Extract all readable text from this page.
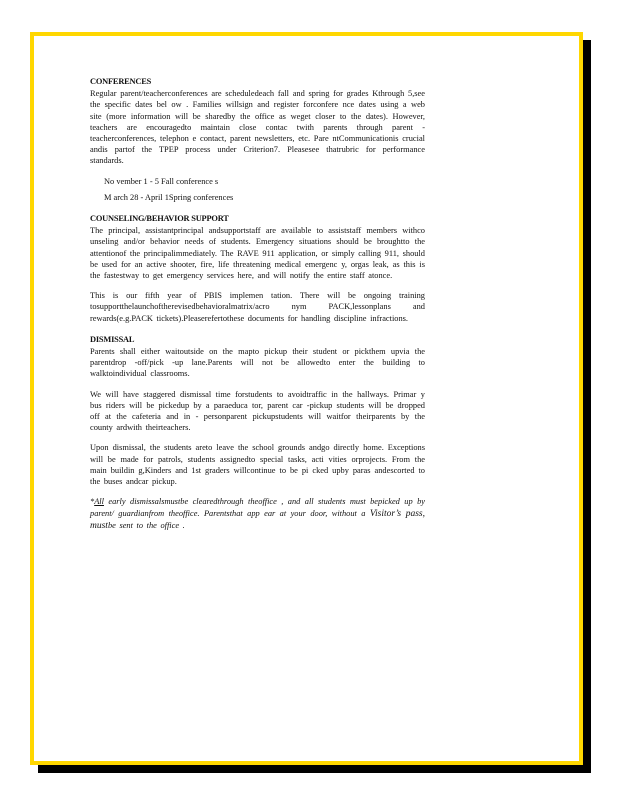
CONFERENCES

Regular parent/teacherconferences are scheduledeach fall and spring for grades Kthrough 5,see the specific dates bel ow . Families willsign and register forconfere nce dates using a web site (more information will be sharedby the office as weget closer to the dates). However, teachers are encouragedto maintain close contac twith parents through parent -teacherconferences, telephon e contact, parent newsletters, etc. Pare ntCommunicationis crucial andis partof the TPEP process under Criterion7. Pleasesee thatrubric for performance standards.

No vember 1 - 5 Fall conference s
M arch 28 - April 1Spring conferences
COUNSELING/BEHAVIOR SUPPORT

The principal, assistantprincipal andsupportstaff are available to assiststaff members withco unseling and/or behavior needs of students. Emergency situations should be broughtto the attentionof the principalimmediately. The RAVE 911 application, or simply calling 911, should be used for an active shooter, fire, life threatening medical emergenc y, orgas leak, as this is the fastestway to get emergency services here, and will notify the entire staff atonce.

This is our fifth year of PBIS implemen tation. There will be ongoing training tosupportthelaunchoftherevisedbehavioralmatrix/acro nym PACK,lessonplans and rewards(e.g.PACK tickets).Pleaserefertothese documents for handling discipline infractions.

DISMISSAL

Parents shall either waitoutside on the mapto pickup their student or pickthem upvia the parentdrop -off/pick -up lane.Parents will not be allowedto enter the building to walktoindividual classrooms.

We will have staggered dismissal time forstudents to avoidtraffic in the hallways. Primar y bus riders will be pickedup by a paraeduca tor, parent car -pickup students will be dropped off at the cafeteria and in - personparent pickupstudents will waitfor theirparents by the county ardwith theirteachers.

Upon dismissal, the students areto leave the school grounds andgo directly home. Exceptions will be made for patrols, students assignedto special tasks, acti vities orprojects. From the main buildin g,Kinders and 1st graders willcontinue to be pi cked upby paras andescorted to the buses andcar pickup.

*All early dismissalsmustbe clearedthrough theoffice , and all students must bepicked up by parent/ guardianfrom theoffice. Parentsthat app ear at your door, without a Visitor’s pass, mustbe sent to the office .
